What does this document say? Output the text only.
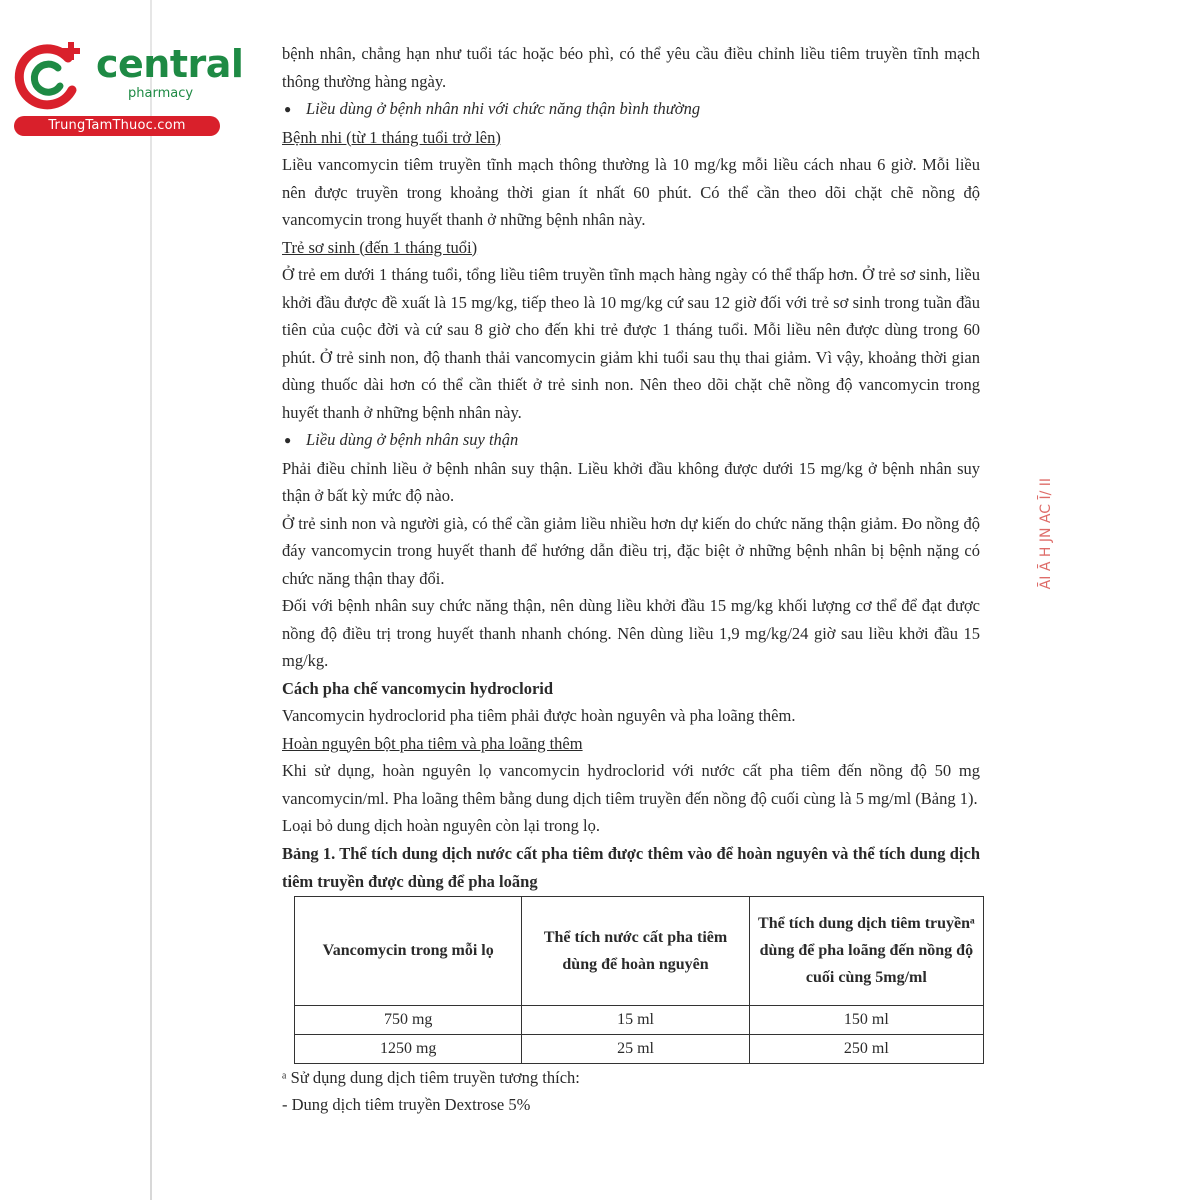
central
pharmacy
TrungTamThuoc.com

bệnh nhân, chẳng hạn như tuổi tác hoặc béo phì, có thể yêu cầu điều chỉnh liều tiêm truyền tĩnh mạch thông thường hàng ngày.

● Liều dùng ở bệnh nhân nhi với chức năng thận bình thường

Bệnh nhi (từ 1 tháng tuổi trở lên)

Liều vancomycin tiêm truyền tĩnh mạch thông thường là 10 mg/kg mỗi liều cách nhau 6 giờ. Mỗi liều nên được truyền trong khoảng thời gian ít nhất 60 phút. Có thể cần theo dõi chặt chẽ nồng độ vancomycin trong huyết thanh ở những bệnh nhân này.

Trẻ sơ sinh (đến 1 tháng tuổi)

Ở trẻ em dưới 1 tháng tuổi, tổng liều tiêm truyền tĩnh mạch hàng ngày có thể thấp hơn. Ở trẻ sơ sinh, liều khởi đầu được đề xuất là 15 mg/kg, tiếp theo là 10 mg/kg cứ sau 12 giờ đối với trẻ sơ sinh trong tuần đầu tiên của cuộc đời và cứ sau 8 giờ cho đến khi trẻ được 1 tháng tuổi. Mỗi liều nên được dùng trong 60 phút. Ở trẻ sinh non, độ thanh thải vancomycin giảm khi tuổi sau thụ thai giảm. Vì vậy, khoảng thời gian dùng thuốc dài hơn có thể cần thiết ở trẻ sinh non. Nên theo dõi chặt chẽ nồng độ vancomycin trong huyết thanh ở những bệnh nhân này.

● Liều dùng ở bệnh nhân suy thận

Phải điều chỉnh liều ở bệnh nhân suy thận. Liều khởi đầu không được dưới 15 mg/kg ở bệnh nhân suy thận ở bất kỳ mức độ nào.

Ở trẻ sinh non và người già, có thể cần giảm liều nhiều hơn dự kiến do chức năng thận giảm. Đo nồng độ đáy vancomycin trong huyết thanh để hướng dẫn điều trị, đặc biệt ở những bệnh nhân bị bệnh nặng có chức năng thận thay đổi.

Đối với bệnh nhân suy chức năng thận, nên dùng liều khởi đầu 15 mg/kg khối lượng cơ thể để đạt được nồng độ điều trị trong huyết thanh nhanh chóng. Nên dùng liều 1,9 mg/kg/24 giờ sau liều khởi đầu 15 mg/kg.

Cách pha chế vancomycin hydroclorid

Vancomycin hydroclorid pha tiêm phải được hoàn nguyên và pha loãng thêm.

Hoàn nguyên bột pha tiêm và pha loãng thêm

Khi sử dụng, hoàn nguyên lọ vancomycin hydroclorid với nước cất pha tiêm đến nồng độ 50 mg vancomycin/ml. Pha loãng thêm bằng dung dịch tiêm truyền đến nồng độ cuối cùng là 5 mg/ml (Bảng 1).

Loại bỏ dung dịch hoàn nguyên còn lại trong lọ.

Bảng 1. Thể tích dung dịch nước cất pha tiêm được thêm vào để hoàn nguyên và thể tích dung dịch tiêm truyền được dùng để pha loãng

Vancomycin trong mỗi lọ	Thể tích nước cất pha tiêm dùng để hoàn nguyên	Thể tích dung dịch tiêm truyềnᵃ dùng để pha loãng đến nồng độ cuối cùng 5mg/ml
750 mg	15 ml	150 ml
1250 mg	25 ml	250 ml

ᵃ Sử dụng dung dịch tiêm truyền tương thích:

- Dung dịch tiêm truyền Dextrose 5%

ĀI Ā H JN AC Ī/ II
